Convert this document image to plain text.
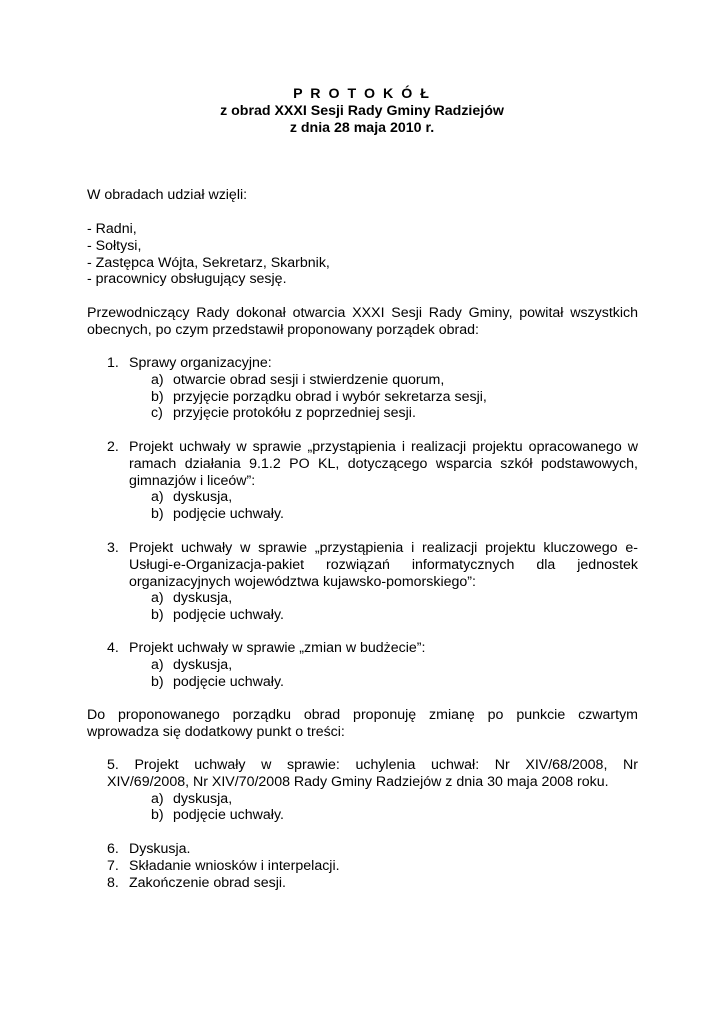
P R O T O K Ó Ł
z obrad XXXI Sesji Rady Gminy Radziejów
z dnia 28 maja 2010 r.
W obradach udział wzięli:
- Radni,
- Sołtysi,
- Zastępca Wójta, Sekretarz, Skarbnik,
- pracownicy obsługujący sesję.
Przewodniczący Rady dokonał otwarcia XXXI Sesji Rady Gminy, powitał wszystkich
obecnych, po czym przedstawił proponowany porządek obrad:
1. Sprawy organizacyjne:
a) otwarcie obrad sesji i stwierdzenie quorum,
b) przyjęcie porządku obrad i wybór sekretarza sesji,
c) przyjęcie protokółu z poprzedniej sesji.
2. Projekt uchwały w sprawie „przystąpienia i realizacji projektu opracowanego w
ramach działania 9.1.2 PO KL, dotyczącego wsparcia szkół podstawowych,
gimnazjów i liceów”:
a) dyskusja,
b) podjęcie uchwały.
3. Projekt uchwały w sprawie „przystąpienia i realizacji projektu kluczowego e-
Usługi-e-Organizacja-pakiet rozwiązań informatycznych dla jednostek
organizacyjnych województwa kujawsko-pomorskiego”:
a) dyskusja,
b) podjęcie uchwały.
4. Projekt uchwały w sprawie „zmian w budżecie”:
a) dyskusja,
b) podjęcie uchwały.
Do proponowanego porządku obrad proponuję zmianę po punkcie czwartym
wprowadza się dodatkowy punkt o treści:
5. Projekt uchwały w sprawie: uchylenia uchwał: Nr XIV/68/2008, Nr
XIV/69/2008, Nr XIV/70/2008 Rady Gminy Radziejów z dnia 30 maja 2008 roku.
a) dyskusja,
b) podjęcie uchwały.
6. Dyskusja.
7. Składanie wniosków i interpelacji.
8. Zakończenie obrad sesji.
